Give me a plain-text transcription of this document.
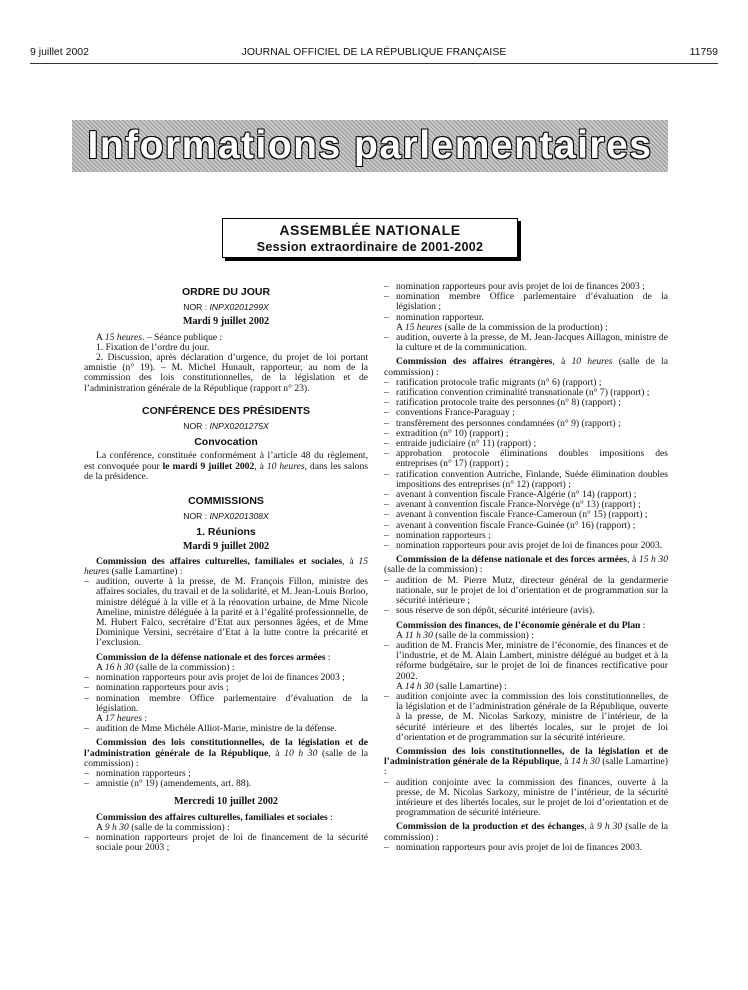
9 juillet 2002	JOURNAL OFFICIEL DE LA RÉPUBLIQUE FRANÇAISE	11759
Informations parlementaires
ASSEMBLÉE NATIONALE
Session extraordinaire de 2001-2002
ORDRE DU JOUR
NOR : INPX0201299X
Mardi 9 juillet 2002

A 15 heures. – Séance publique :

1. Fixation de l’ordre du jour.

2. Discussion, après déclaration d’urgence, du projet de loi portant amnistie (n° 19). – M. Michel Hunault, rapporteur, au nom de la commission des lois constitutionnelles, de la législation et de l’administration générale de la République (rapport n° 23).

CONFÉRENCE DES PRÉSIDENTS
NOR : INPX0201275X
Convocation

La conférence, constituée conformément à l’article 48 du règlement, est convoquée pour le mardi 9 juillet 2002, à 10 heures, dans les salons de la présidence.

COMMISSIONS
NOR : INPX0201308X
1. Réunions
Mardi 9 juillet 2002

Commission des affaires culturelles, familiales et sociales, à 15 heures (salle Lamartine) :

– audition, ouverte à la presse, de M. François Fillon, ministre des affaires sociales, du travail et de la solidarité, et M. Jean-Louis Borloo, ministre délégué à la ville et à la rénovation urbaine, de Mme Nicole Ameline, ministre déléguée à la parité et à l’égalité professionnelle, de M. Hubert Falco, secrétaire d’Etat aux personnes âgées, et de Mme Dominique Versini, secrétaire d’Etat à la lutte contre la précarité et l’exclusion.

Commission de la défense nationale et des forces armées :

A 16 h 30 (salle de la commission) :

– nomination rapporteurs pour avis projet de loi de finances 2003 ;
– nomination rapporteurs pour avis ;
– nomination membre Office parlementaire d’évaluation de la législation.

A 17 heures :

– audition de Mme Michèle Alliot-Marie, ministre de la défense.

Commission des lois constitutionnelles, de la législation et de l’administration générale de la République, à 10 h 30 (salle de la commission) :

– nomination rapporteurs ;
– amnistie (n° 19) (amendements, art. 88).
Mercredi 10 juillet 2002

Commission des affaires culturelles, familiales et sociales :

A 9 h 30 (salle de la commission) :

– nomination rapporteurs projet de loi de financement de la sécurité sociale pour 2003 ;
– nomination rapporteurs pour avis projet de loi de finances 2003 ;
– nomination membre Office parlementaire d’évaluation de la législation ;
– nomination rapporteur.

A 15 heures (salle de la commission de la production) :

– audition, ouverte à la presse, de M. Jean-Jacques Aillagon, ministre de la culture et de la communication.

Commission des affaires étrangères, à 10 heures (salle de la commission) :

– ratification protocole trafic migrants (n° 6) (rapport) ;
– ratification convention criminalité transnationale (n° 7) (rapport) ;
– ratification protocole traite des personnes (n° 8) (rapport) ;
– conventions France-Paraguay ;
– transfèrement des personnes condamnées (n° 9) (rapport) ;
– extradition (n° 10) (rapport) ;
– entraide judiciaire (n° 11) (rapport) ;
– approbation protocole éliminations doubles impositions des entreprises (n° 17) (rapport) ;
– ratification convention Autriche, Finlande, Suède élimination doubles impositions des entreprises (n° 12) (rapport) ;
– avenant à convention fiscale France-Algérie (n° 14) (rapport) ;
– avenant à convention fiscale France-Norvège (n° 13) (rapport) ;
– avenant à convention fiscale France-Cameroun (n° 15) (rapport) ;
– avenant à convention fiscale France-Guinée (n° 16) (rapport) ;
– nomination rapporteurs ;
– nomination rapporteurs pour avis projet de loi de finances pour 2003.

Commission de la défense nationale et des forces armées, à 15 h 30 (salle de la commission) :

– audition de M. Pierre Mutz, directeur général de la gendarmerie nationale, sur le projet de loi d’orientation et de programmation sur la sécurité intérieure ;
– sous réserve de son dépôt, sécurité intérieure (avis).

Commission des finances, de l’économie générale et du Plan :

A 11 h 30 (salle de la commission) :

– audition de M. Francis Mer, ministre de l’économie, des finances et de l’industrie, et de M. Alain Lambert, ministre délégué au budget et à la réforme budgétaire, sur le projet de loi de finances rectificative pour 2002.

A 14 h 30 (salle Lamartine) :

– audition conjointe avec la commission des lois constitutionnelles, de la législation et de l’administration générale de la République, ouverte à la presse, de M. Nicolas Sarkozy, ministre de l’intérieur, de la sécurité intérieure et des libertés locales, sur le projet de loi d’orientation et de programmation sur la sécurité intérieure.

Commission des lois constitutionnelles, de la législation et de l’administration générale de la République, à 14 h 30 (salle Lamartine) :

– audition conjointe avec la commission des finances, ouverte à la presse, de M. Nicolas Sarkozy, ministre de l’intérieur, de la sécurité intérieure et des libertés locales, sur le projet de loi d’orientation et de programmation de sécurité intérieure.

Commission de la production et des échanges, à 9 h 30 (salle de la commission) :

– nomination rapporteurs pour avis projet de loi de finances 2003.
